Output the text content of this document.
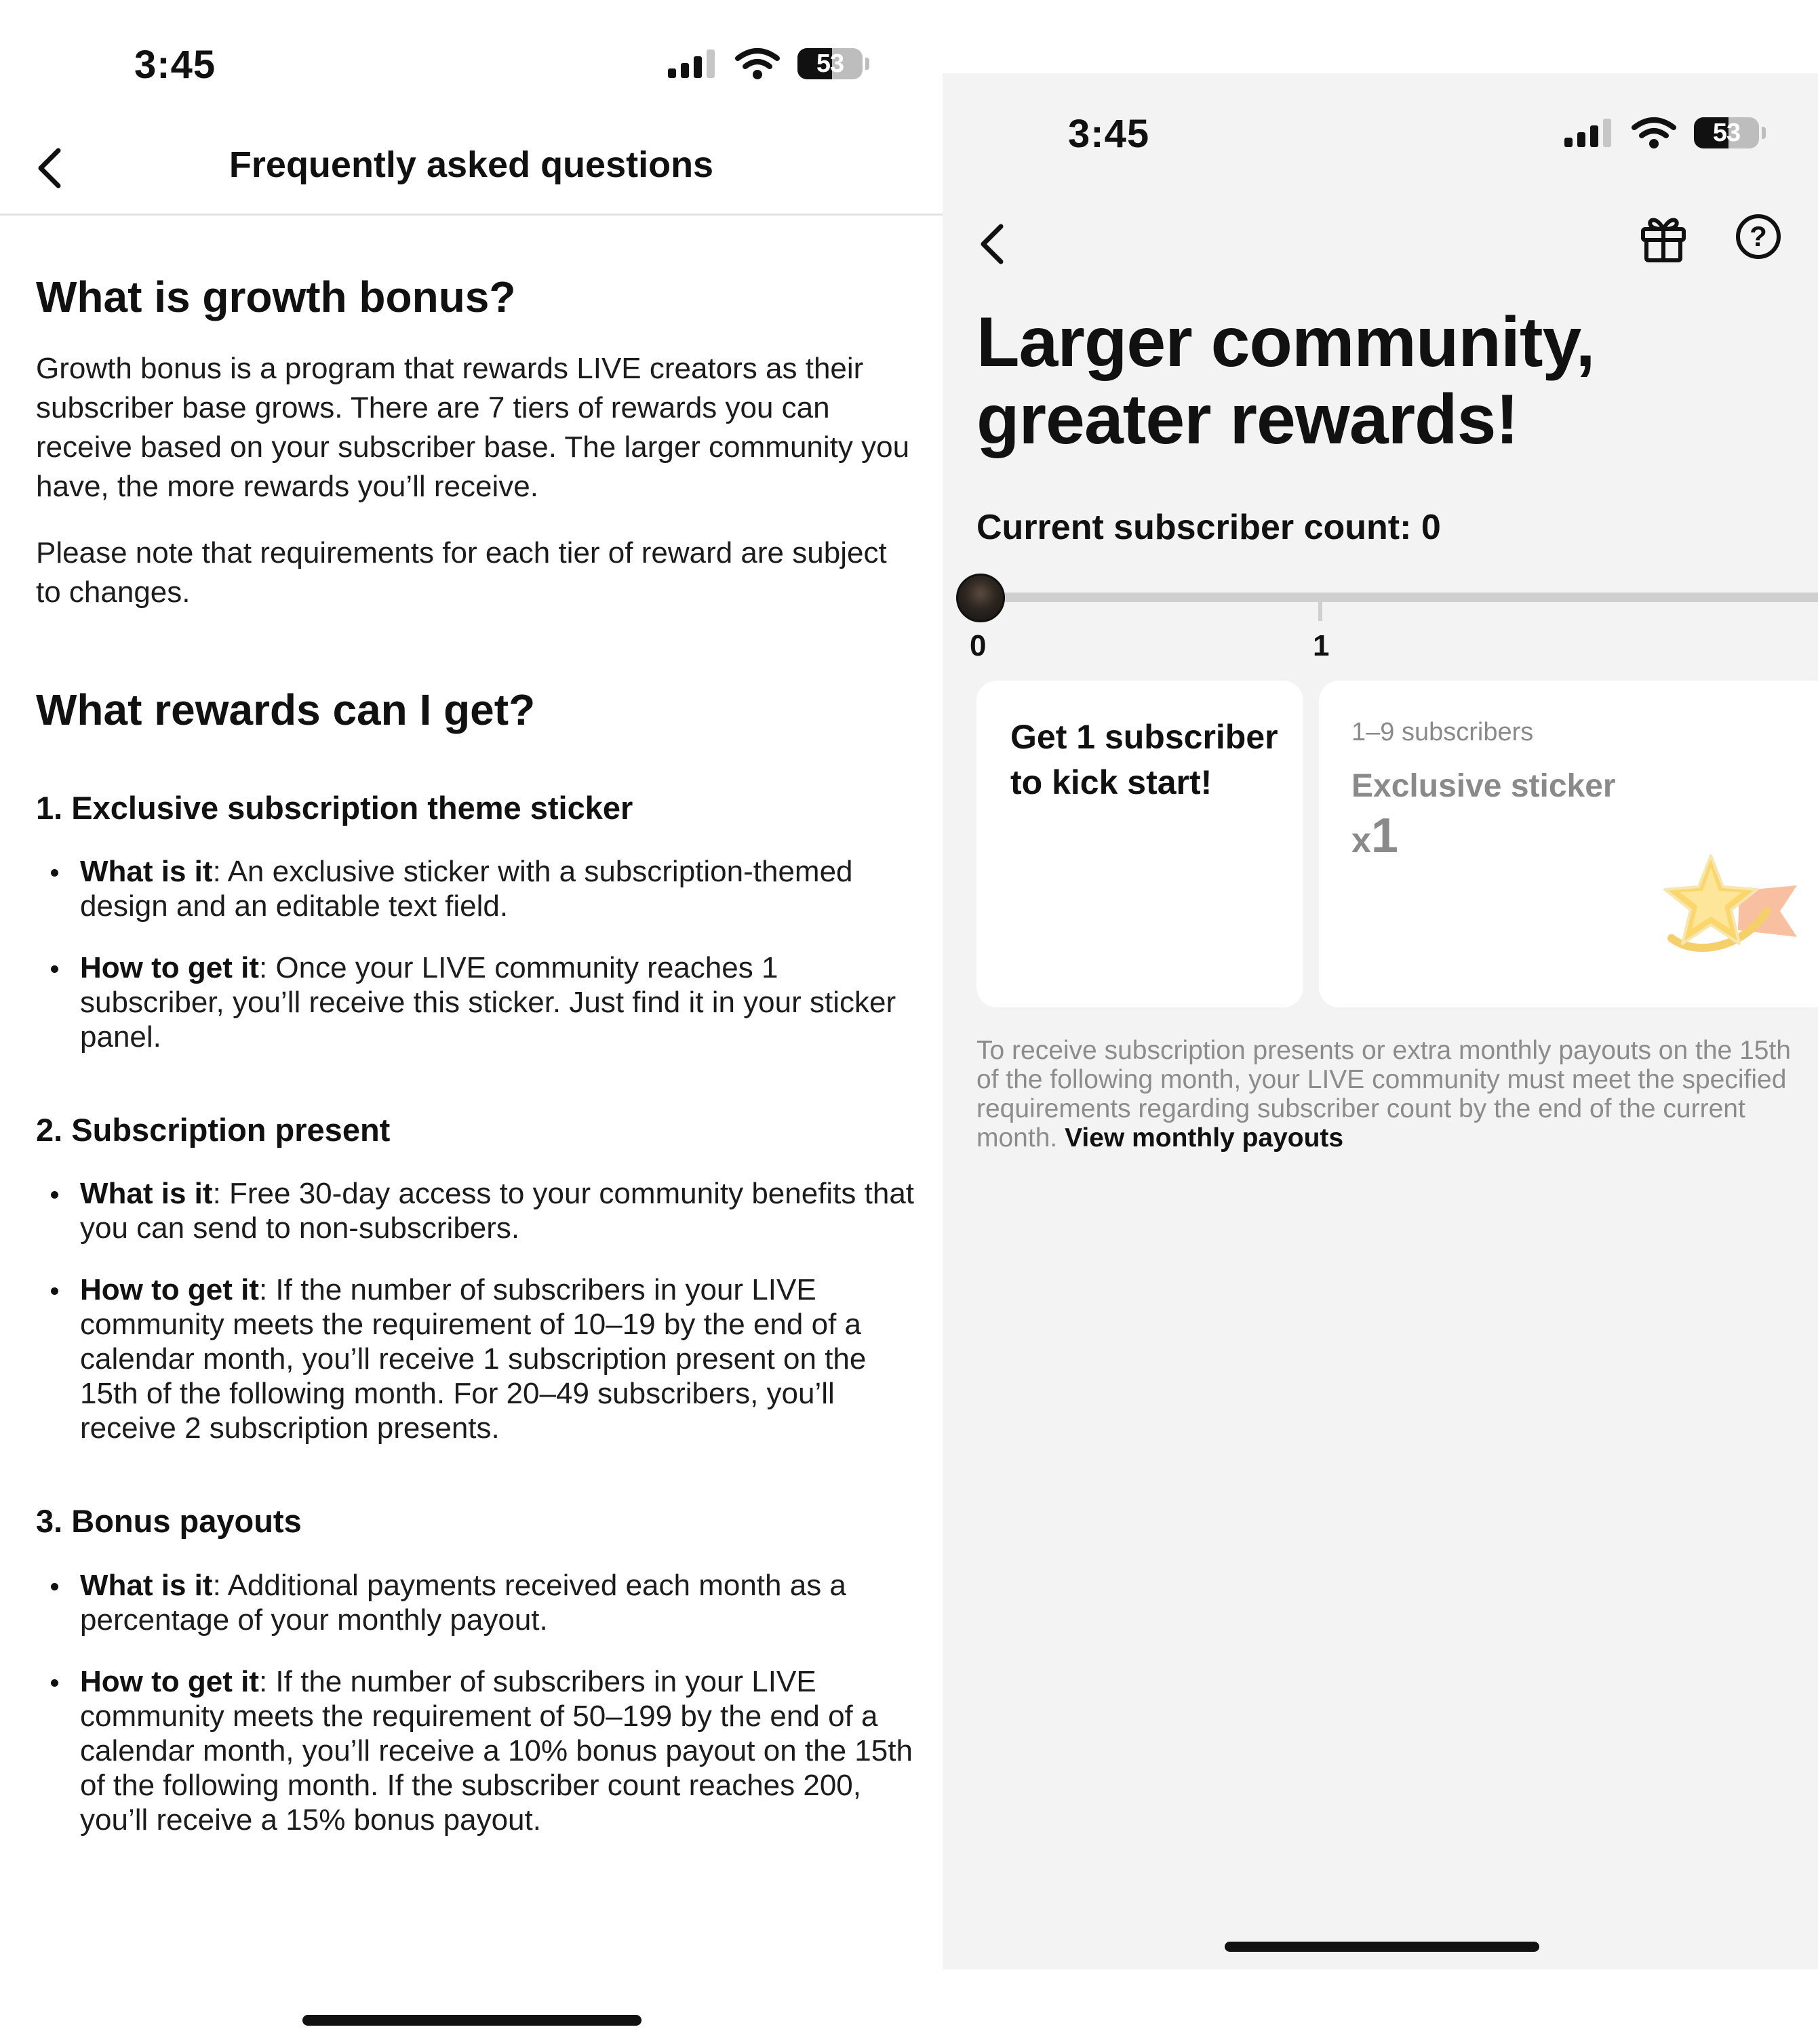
3:45	53
Frequently asked questions
What is growth bonus?

Growth bonus is a program that rewards LIVE creators as their subscriber base grows. There are 7 tiers of rewards you can receive based on your subscriber base. The larger community you have, the more rewards you’ll receive.

Please note that requirements for each tier of reward are subject to changes.

What rewards can I get?
1. Exclusive subscription theme sticker
What is it: An exclusive sticker with a subscription-themed design and an editable text field.
How to get it: Once your LIVE community reaches 1 subscriber, you’ll receive this sticker. Just find it in your sticker panel.
2. Subscription present
What is it: Free 30-day access to your community benefits that you can send to non-subscribers.
How to get it: If the number of subscribers in your LIVE community meets the requirement of 10–19 by the end of a calendar month, you’ll receive 1 subscription present on the 15th of the following month. For 20–49 subscribers, you’ll receive 2 subscription presents.
3. Bonus payouts
What is it: Additional payments received each month as a percentage of your monthly payout.
How to get it: If the number of subscribers in your LIVE community meets the requirement of 50–199 by the end of a calendar month, you’ll receive a 10% bonus payout on the 15th of the following month. If the subscriber count reaches 200, you’ll receive a 15% bonus payout.
3:45	53
?
Larger community,
greater rewards!
Current subscriber count: 0
0	1
Get 1 subscriber to kick start!
1–9 subscribers
Exclusive sticker
x1

To receive subscription presents or extra monthly payouts on the 15th of the following month, your LIVE community must meet the specified requirements regarding subscriber count by the end of the current month. View monthly payouts
